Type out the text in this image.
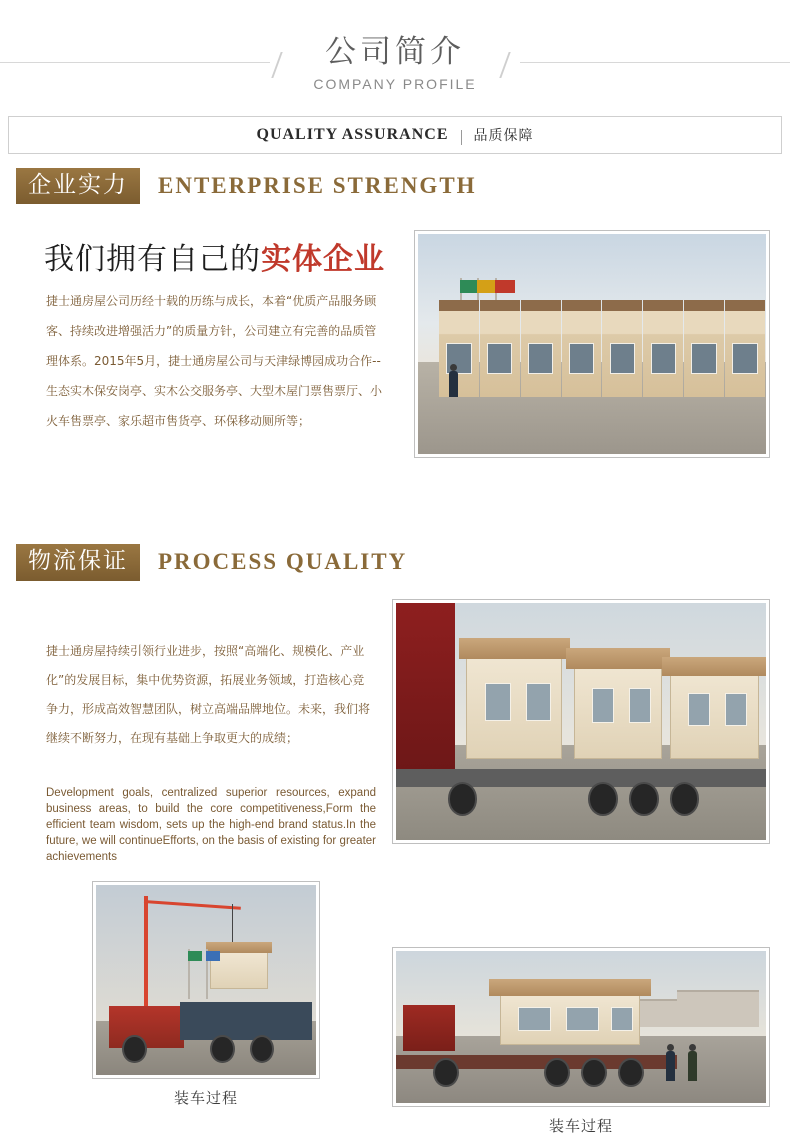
公司简介
COMPANY PROFILE
QUALITY ASSURANCE 品质保障
企业实力	ENTERPRISE STRENGTH
我们拥有自己的实体企业
捷士通房屋公司历经十载的历练与成长，本着“优质产品服务顾客、持续改进增强活力”的质量方针，公司建立有完善的品质管理体系。2015年5月，捷士通房屋公司与天津绿博园成功合作--生态实木保安岗亭、实木公交服务亭、大型木屋门票售票厅、小火车售票亭、家乐超市售货亭、环保移动厕所等；
物流保证	PROCESS QUALITY
捷士通房屋持续引领行业进步，按照“高端化、规模化、产业化”的发展目标，集中优势资源，拓展业务领域，打造核心竞争力，形成高效智慧团队，树立高端品牌地位。未来，我们将继续不断努力，在现有基础上争取更大的成绩；
Development goals, centralized superior resources, expand business areas, to build the core competitiveness,Form the efficient team wisdom, sets up the high-end brand status.In the future, we will continueEfforts, on the basis of existing for greater achievements
装车过程
装车过程
